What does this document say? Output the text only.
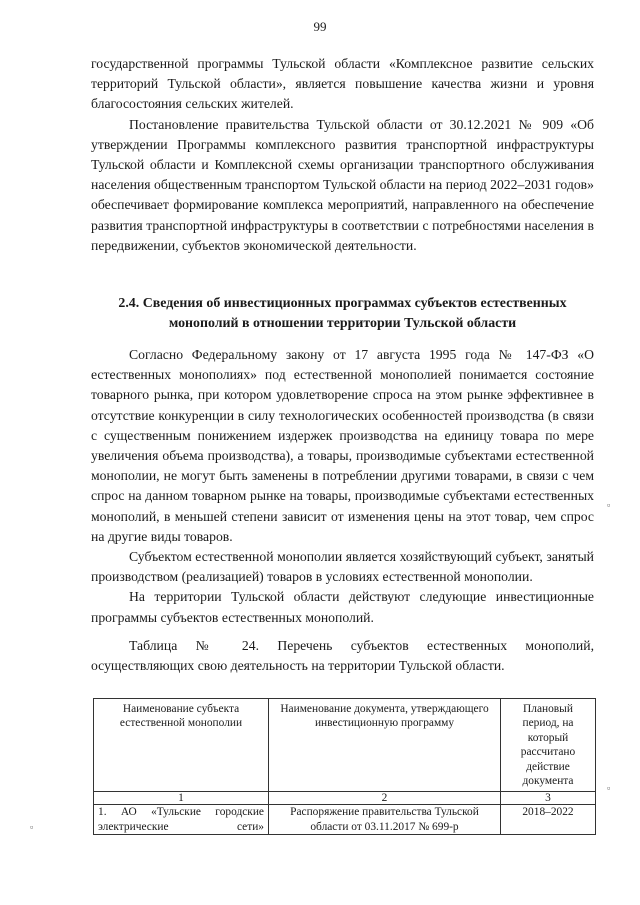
99

государственной программы Тульской области «Комплексное развитие сельских территорий Тульской области», является повышение качества жизни и уровня благосостояния сельских жителей.

Постановление правительства Тульской области от 30.12.2021 № 909 «Об утверждении Программы комплексного развития транспортной инфраструктуры Тульской области и Комплексной схемы организации транспортного обслуживания населения общественным транспортом Тульской области на период 2022–2031 годов» обеспечивает формирование комплекса мероприятий, направленного на обеспечение развития транспортной инфраструктуры в соответствии с потребностями населения в передвижении, субъектов экономической деятельности.

2.4. Сведения об инвестиционных программах субъектов естественных монополий в отношении территории Тульской области

Согласно Федеральному закону от 17 августа 1995 года № 147-ФЗ «О естественных монополиях» под естественной монополией понимается состояние товарного рынка, при котором удовлетворение спроса на этом рынке эффективнее в отсутствие конкуренции в силу технологических особенностей производства (в связи с существенным понижением издержек производства на единицу товара по мере увеличения объема производства), а товары, производимые субъектами естественной монополии, не могут быть заменены в потреблении другими товарами, в связи с чем спрос на данном товарном рынке на товары, производимые субъектами естественных монополий, в меньшей степени зависит от изменения цены на этот товар, чем спрос на другие виды товаров.

Субъектом естественной монополии является хозяйствующий субъект, занятый производством (реализацией) товаров в условиях естественной монополии.

На территории Тульской области действуют следующие инвестиционные программы субъектов естественных монополий.

Таблица № 24. Перечень субъектов естественных монополий, осуществляющих свою деятельность на территории Тульской области.

Наименование субъекта естественной монополии	Наименование документа, утверждающего инвестиционную программу	Плановый период, на который рассчитано действие документа
1	2	3
1. АО «Тульские городские электрические сети»	Распоряжение правительства Тульской области от 03.11.2017 № 699-р	2018–2022
▫
▫
▫
